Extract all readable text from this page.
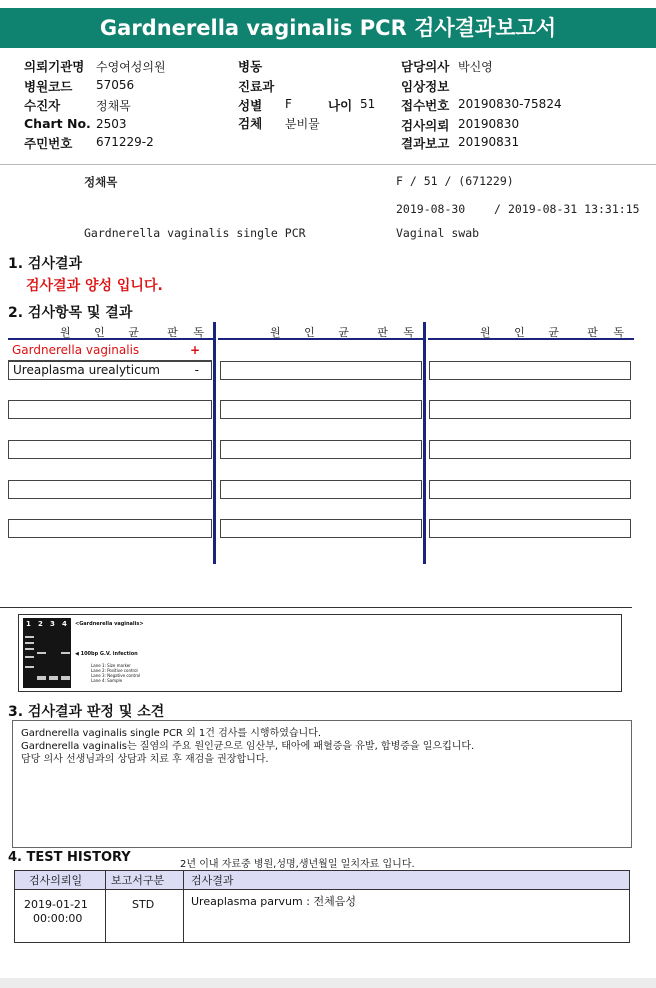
Gardnerella vaginalis PCR 검사결과보고서
의뢰기관명 수영여성의원
병원코드 57056
수진자	정채목
Chart No. 2503
주민번호 671229-2
병동
진료과
성별 F	나이 51
검체 분비물
담당의사 박신영
임상정보
접수번호 20190830-75824
검사의뢰 20190830
결과보고 20190831
정채목	F / 51 / (671229)
2019-08-30	/ 2019-08-31 13:31:15
Gardnerella vaginalis single PCR	Vaginal swab
1. 검사결과
검사결과 양성 입니다.
2. 검사항목 및 결과
원 인 균 판 독	원 인 균 판 독	원 인 균 판 독
Gardnerella vaginalis	+
Ureaplasma urealyticum	-
1 2 3 4 <Gardnerella vaginalis>
◀ 100bp G.V. infection
Lane 1: Size marker
Lane 2: Positive control
Lane 3: Negative control
Lane 4: Sample
3. 검사결과 판정 및 소견
Gardnerella vaginalis single PCR 외 1건 검사를 시행하였습니다.
Gardnerella vaginalis는 질염의 주요 원인균으로 임산부, 태아에 패혈증을 유발, 합병증을 일으킵니다.
담당 의사 선생님과의 상담과 치료 후 재검을 권장합니다.
4. TEST HISTORY	2년 이내 자료중 병원,성명,생년월일 일치자료 입니다.
검사의뢰일	보고서구분 검사결과
2019-01-21
00:00:00
STD	Ureaplasma parvum : 전체음성
